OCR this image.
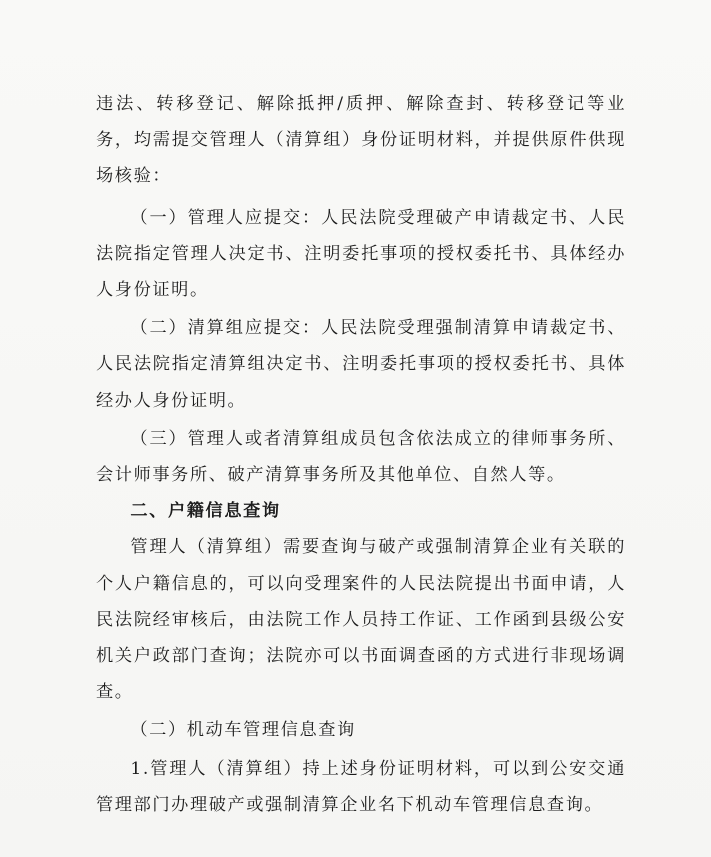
违法、转移登记、解除抵押/质押、解除查封、转移登记等业务，均需提交管理人（清算组）身份证明材料，并提供原件供现场核验：

（一）管理人应提交：人民法院受理破产申请裁定书、人民法院指定管理人决定书、注明委托事项的授权委托书、具体经办人身份证明。

（二）清算组应提交：人民法院受理强制清算申请裁定书、人民法院指定清算组决定书、注明委托事项的授权委托书、具体经办人身份证明。

（三）管理人或者清算组成员包含依法成立的律师事务所、会计师事务所、破产清算事务所及其他单位、自然人等。

二、户籍信息查询

管理人（清算组）需要查询与破产或强制清算企业有关联的个人户籍信息的，可以向受理案件的人民法院提出书面申请，人民法院经审核后，由法院工作人员持工作证、工作函到县级公安机关户政部门查询；法院亦可以书面调查函的方式进行非现场调查。

（二）机动车管理信息查询

1.管理人（清算组）持上述身份证明材料，可以到公安交通管理部门办理破产或强制清算企业名下机动车管理信息查询。
